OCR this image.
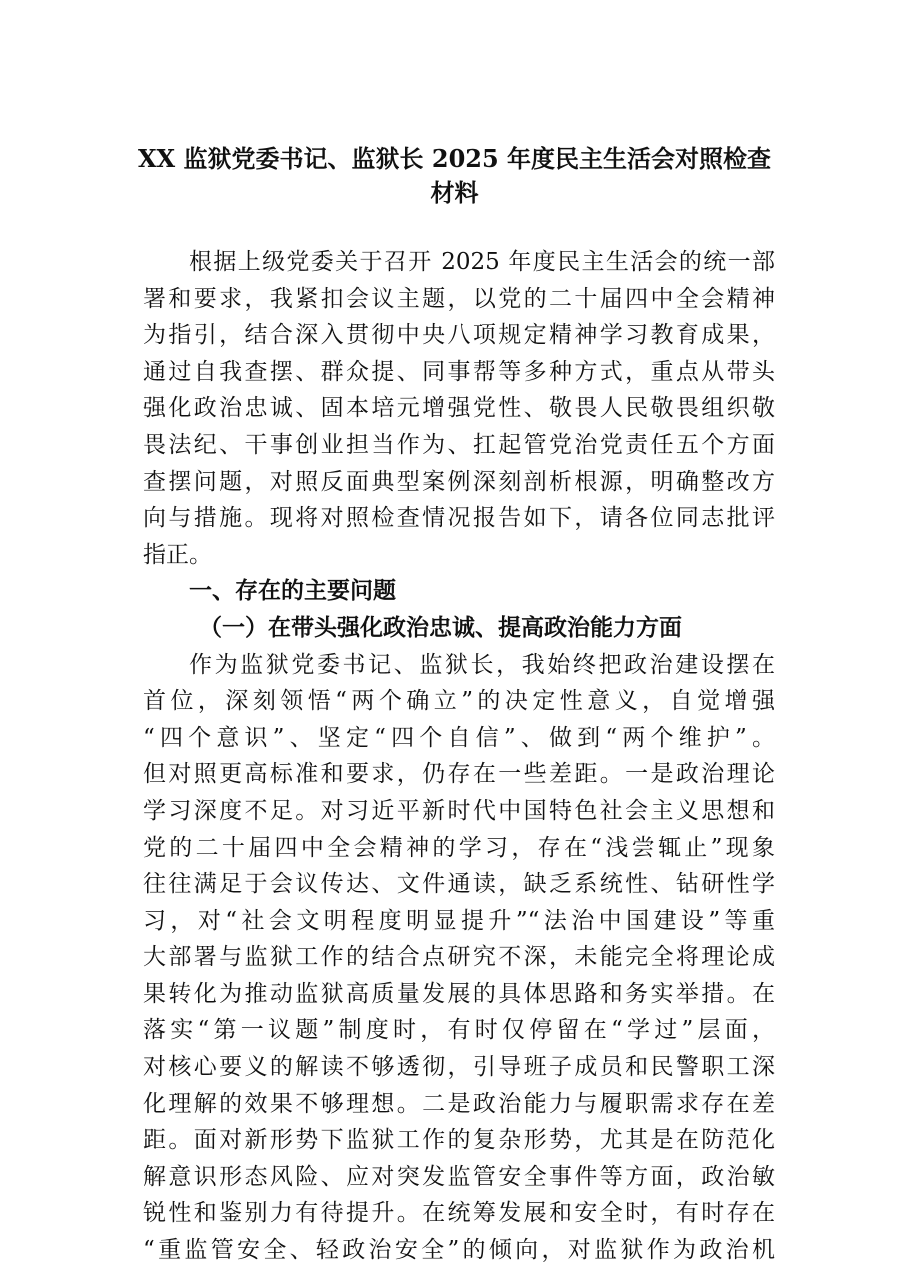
XX 监狱党委书记、监狱长 2025 年度民主生活会对照检查
材料
根据上级党委关于召开 2025 年度民主生活会的统一部
署和要求，我紧扣会议主题，以党的二十届四中全会精神
为指引，结合深入贯彻中央八项规定精神学习教育成果，
通过自我查摆、群众提、同事帮等多种方式，重点从带头
强化政治忠诚、固本培元增强党性、敬畏人民敬畏组织敬
畏法纪、干事创业担当作为、扛起管党治党责任五个方面
查摆问题，对照反面典型案例深刻剖析根源，明确整改方
向与措施。现将对照检查情况报告如下，请各位同志批评
指正。
一、存在的主要问题
（一）在带头强化政治忠诚、提高政治能力方面
作为监狱党委书记、监狱长，我始终把政治建设摆在
首位，深刻领悟“两个确立”的决定性意义，自觉增强
“四个意识”、坚定“四个自信”、做到“两个维护”。
但对照更高标准和要求，仍存在一些差距。一是政治理论
学习深度不足。对习近平新时代中国特色社会主义思想和
党的二十届四中全会精神的学习，存在“浅尝辄止”现象
往往满足于会议传达、文件通读，缺乏系统性、钻研性学
习，对“社会文明程度明显提升”“法治中国建设”等重
大部署与监狱工作的结合点研究不深，未能完全将理论成
果转化为推动监狱高质量发展的具体思路和务实举措。在
落实“第一议题”制度时，有时仅停留在“学过”层面，
对核心要义的解读不够透彻，引导班子成员和民警职工深
化理解的效果不够理想。二是政治能力与履职需求存在差
距。面对新形势下监狱工作的复杂形势，尤其是在防范化
解意识形态风险、应对突发监管安全事件等方面，政治敏
锐性和鉴别力有待提升。在统筹发展和安全时，有时存在
“重监管安全、轻政治安全”的倾向，对监狱作为政治机
